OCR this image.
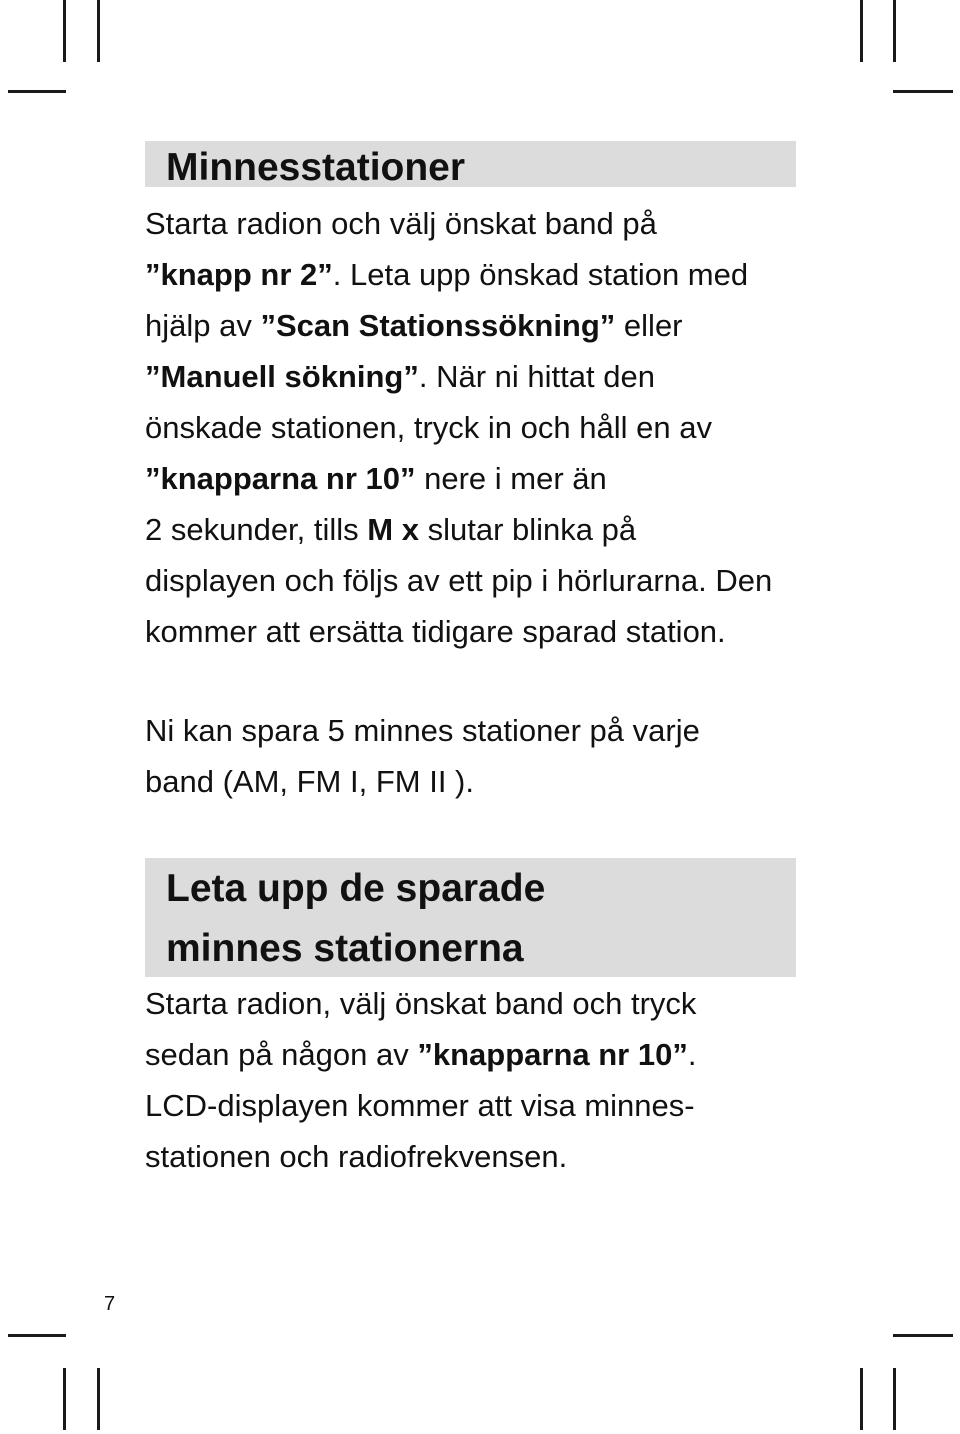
Minnesstationer
Starta radion och välj önskat band på
”knapp nr 2”. Leta upp önskad station med
hjälp av ”Scan Stationssökning” eller
”Manuell sökning”. När ni hittat den
önskade stationen, tryck in och håll en av
”knapparna nr 10” nere i mer än
2 sekunder, tills M x slutar blinka på
displayen och följs av ett pip i hörlurarna. Den
kommer att ersätta tidigare sparad station.
Ni kan spara 5 minnes stationer på varje
band (AM, FM I, FM II ).
Leta upp de sparade
minnes stationerna
Starta radion, välj önskat band och tryck
sedan på någon av ”knapparna nr 10”.
LCD-displayen kommer att visa minnes-
stationen och radiofrekvensen.
7
